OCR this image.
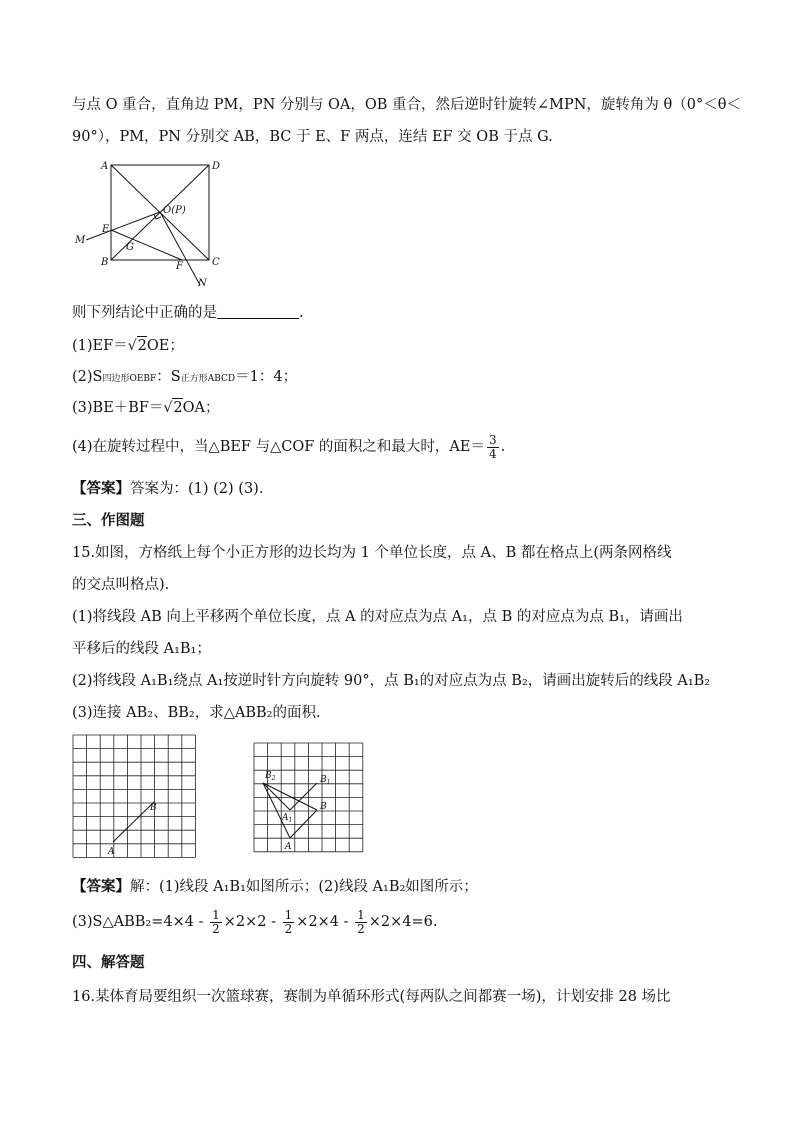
与点 O 重合，直角边 PM，PN 分别与 OA，OB 重合，然后逆时针旋转∠MPN，旋转角为 θ（0°＜θ＜
90°），PM，PN 分别交 AB，BC 于 E、F 两点，连结 EF 交 OB 于点 G.
A	D
E
O(P)
M
G
B	F	C
N
则下列结论中正确的是	.
(1)EF＝√2OE；
(2)S四边形OEBF：S正方形ABCD＝1：4；
(3)BE＋BF＝√2OA；
(4)在旋转过程中，当△BEF 与△COF 的面积之和最大时，$AE= \frac{3}{4}$ .
【答案】答案为：(1) (2) (3).
三、作图题
15.如图，方格纸上每个小正方形的边长均为 1 个单位长度，点 A、B 都在格点上(两条网格线
的交点叫格点).
(1)将线段 AB 向上平移两个单位长度，点 A 的对应点为点 A₁，点 B 的对应点为点 B₁，请画出
平移后的线段 A₁B₁；
(2)将线段 A₁B₁绕点 A₁按逆时针方向旋转 90°，点 B₁的对应点为点 B₂，请画出旋转后的线段 A₁B₂
(3)连接 AB₂、BB₂，求△ABB₂的面积.
A
B
A
B
$A_1$
$B_1$
$B_2$
【答案】解：(1)线段 A₁B₁如图所示；(2)线段 A₁B₂如图所示；
(3)S△ABB₂=4×4 - $\frac{1}{2} \times 2\times 2 - \frac{1}{2} \times 2\times 4 - \frac{1}{2} \times 2\times 4=6$.
四、解答题
16.某体育局要组织一次篮球赛，赛制为单循环形式(每两队之间都赛一场)，计划安排 28 场比
